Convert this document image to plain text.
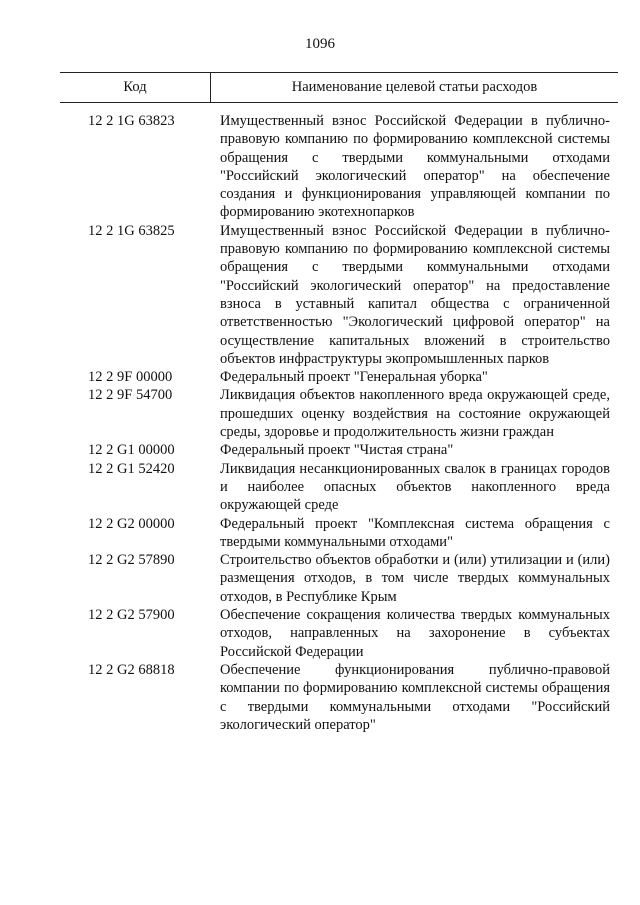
1096
Код	Наименование целевой статьи расходов
12 2 1G 63823	Имущественный взнос Российской Федерации в публично-правовую компанию по формированию комплексной системы обращения с твердыми коммунальными отходами "Российский экологический оператор" на обеспечение создания и функционирования управляющей компании по формированию экотехнопарков
12 2 1G 63825	Имущественный взнос Российской Федерации в публично-правовую компанию по формированию комплексной системы обращения с твердыми коммунальными отходами "Российский экологический оператор" на предоставление взноса в уставный капитал общества с ограниченной ответственностью "Экологический цифровой оператор" на осуществление капитальных вложений в строительство объектов инфраструктуры экопромышленных парков
12 2 9F 00000	Федеральный проект "Генеральная уборка"
12 2 9F 54700	Ликвидация объектов накопленного вреда окружающей среде, прошедших оценку воздействия на состояние окружающей среды, здоровье и продолжительность жизни граждан
12 2 G1 00000	Федеральный проект "Чистая страна"
12 2 G1 52420	Ликвидация несанкционированных свалок в границах городов и наиболее опасных объектов накопленного вреда окружающей среде
12 2 G2 00000	Федеральный проект "Комплексная система обращения с твердыми коммунальными отходами"
12 2 G2 57890	Строительство объектов обработки и (или) утилизации и (или) размещения отходов, в том числе твердых коммунальных отходов, в Республике Крым
12 2 G2 57900	Обеспечение сокращения количества твердых коммунальных отходов, направленных на захоронение в субъектах Российской Федерации
12 2 G2 68818	Обеспечение функционирования публично-правовой компании по формированию комплексной системы обращения с твердыми коммунальными отходами "Российский экологический оператор"
